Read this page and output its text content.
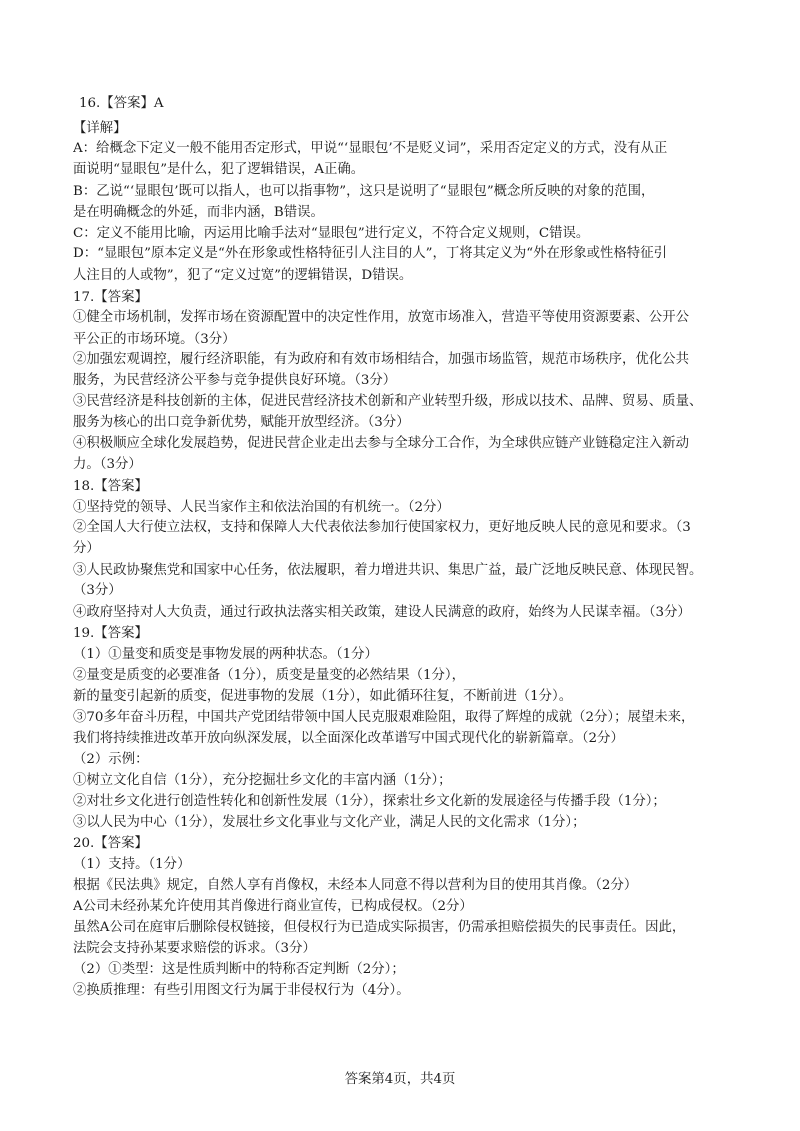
16.【答案】A
【详解】
A：给概念下定义一般不能用否定形式，甲说“‘显眼包’不是贬义词”，采用否定定义的方式，没有从正
面说明“显眼包”是什么，犯了逻辑错误，A正确。
B：乙说“‘显眼包’既可以指人，也可以指事物”，这只是说明了“显眼包”概念所反映的对象的范围，
是在明确概念的外延，而非内涵，B错误。
C：定义不能用比喻，丙运用比喻手法对“显眼包”进行定义，不符合定义规则，C错误。
D：“显眼包”原本定义是“外在形象或性格特征引人注目的人”，丁将其定义为“外在形象或性格特征引
人注目的人或物”，犯了“定义过宽”的逻辑错误，D错误。
17.【答案】
①健全市场机制，发挥市场在资源配置中的决定性作用，放宽市场准入，营造平等使用资源要素、公开公
平公正的市场环境。（3分）
②加强宏观调控，履行经济职能，有为政府和有效市场相结合，加强市场监管，规范市场秩序，优化公共
服务，为民营经济公平参与竞争提供良好环境。（3分）
③民营经济是科技创新的主体，促进民营经济技术创新和产业转型升级，形成以技术、品牌、贸易、质量、
服务为核心的出口竞争新优势，赋能开放型经济。（3分）
④积极顺应全球化发展趋势，促进民营企业走出去参与全球分工合作，为全球供应链产业链稳定注入新动
力。（3分）
18.【答案】
①坚持党的领导、人民当家作主和依法治国的有机统一。（2分）
②全国人大行使立法权，支持和保障人大代表依法参加行使国家权力，更好地反映人民的意见和要求。（3
分）
③人民政协聚焦党和国家中心任务，依法履职，着力增进共识、集思广益，最广泛地反映民意、体现民智。
（3分）
④政府坚持对人大负责，通过行政执法落实相关政策，建设人民满意的政府，始终为人民谋幸福。（3分）
19.【答案】
（1）①量变和质变是事物发展的两种状态。（1分）
②量变是质变的必要准备（1分），质变是量变的必然结果（1分），
新的量变引起新的质变，促进事物的发展（1分），如此循环往复，不断前进（1分）。
③70多年奋斗历程，中国共产党团结带领中国人民克服艰难险阻，取得了辉煌的成就（2分）；展望未来，
我们将持续推进改革开放向纵深发展，以全面深化改革谱写中国式现代化的崭新篇章。（2分）
（2）示例：
①树立文化自信（1分），充分挖掘壮乡文化的丰富内涵（1分）；
②对壮乡文化进行创造性转化和创新性发展（1分），探索壮乡文化新的发展途径与传播手段（1分）；
③以人民为中心（1分），发展壮乡文化事业与文化产业，满足人民的文化需求（1分）；
20.【答案】
（1）支持。（1分）
根据《民法典》规定，自然人享有肖像权，未经本人同意不得以营利为目的使用其肖像。（2分）
A公司未经孙某允许使用其肖像进行商业宣传，已构成侵权。（2分）
虽然A公司在庭审后删除侵权链接，但侵权行为已造成实际损害，仍需承担赔偿损失的民事责任。因此，
法院会支持孙某要求赔偿的诉求。（3分）
（2）①类型：这是性质判断中的特称否定判断（2分）；
②换质推理：有些引用图文行为属于非侵权行为（4分）。
答案第4页，共4页
